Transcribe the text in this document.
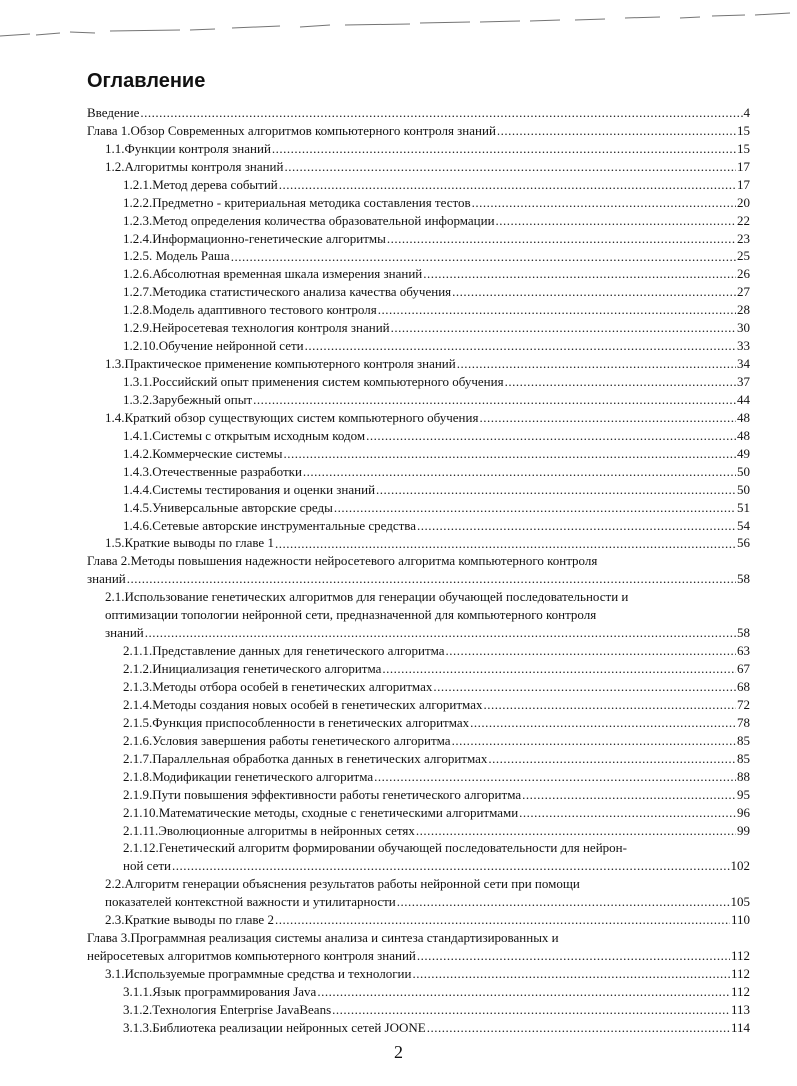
Оглавление
Введение .....	4
Глава 1.Обзор Современных алгоритмов компьютерного контроля знаний .....	15
1.1.Функции контроля знаний .....	15
1.2.Алгоритмы контроля знаний .....	17
1.2.1.Метод дерева событий .....	17
1.2.2.Предметно - критериальная методика составления тестов .....	20
1.2.3.Метод определения количества образовательной информации .....	22
1.2.4.Информационно-генетические алгоритмы .....	23
1.2.5. Модель Раша .....	25
1.2.6.Абсолютная временная шкала измерения знаний .....	26
1.2.7.Методика статистического анализа качества обучения .....	27
1.2.8.Модель адаптивного тестового контроля .....	28
1.2.9.Нейросетевая технология контроля знаний .....	30
1.2.10.Обучение нейронной сети .....	33
1.3.Практическое применение компьютерного контроля знаний .....	34
1.3.1.Российский опыт применения систем компьютерного обучения .....	37
1.3.2.Зарубежный опыт .....	44
1.4.Краткий обзор существующих систем компьютерного обучения .....	48
1.4.1.Системы с открытым исходным кодом .....	48
1.4.2.Коммерческие системы .....	49
1.4.3.Отечественные разработки .....	50
1.4.4.Системы тестирования и оценки знаний .....	50
1.4.5.Универсальные авторские среды .....	51
1.4.6.Сетевые авторские инструментальные средства .....	54
1.5.Краткие выводы по главе 1 .....	56
Глава 2.Методы повышения надежности нейросетевого алгоритма компьютерного контроля
знаний .....	58
2.1.Использование генетических алгоритмов для генерации обучающей последовательности и
оптимизации топологии нейронной сети, предназначенной для компьютерного контроля
знаний .....	58
2.1.1.Представление данных для генетического алгоритма .....	63
2.1.2.Инициализация генетического алгоритма .....	67
2.1.3.Методы отбора особей в генетических алгоритмах .....	68
2.1.4.Методы создания новых особей в генетических алгоритмах .....	72
2.1.5.Функция приспособленности в генетических алгоритмах .....	78
2.1.6.Условия завершения работы генетического алгоритма .....	85
2.1.7.Параллельная обработка данных в генетических алгоритмах .....	85
2.1.8.Модификации генетического алгоритма .....	88
2.1.9.Пути повышения эффективности работы генетического алгоритма .....	95
2.1.10.Математические методы, сходные с генетическими алгоритмами .....	96
2.1.11.Эволюционные алгоритмы в нейронных сетях .....	99
2.1.12.Генетический алгоритм формировании обучающей последовательности для нейрон-
ной сети .....	102
2.2.Алгоритм генерации объяснения результатов работы нейронной сети при помощи
показателей контекстной важности и утилитарности .....	105
2.3.Краткие выводы по главе 2 .....	110
Глава 3.Программная реализация системы анализа и синтеза стандартизированных и
нейросетевых алгоритмов компьютерного контроля знаний .....	112
3.1.Используемые программные средства и технологии .....	112
3.1.1.Язык программирования Java .....	112
3.1.2.Технология Enterprise JavaBeans .....	113
3.1.3.Библиотека реализации нейронных сетей JOONE .....	114
2
